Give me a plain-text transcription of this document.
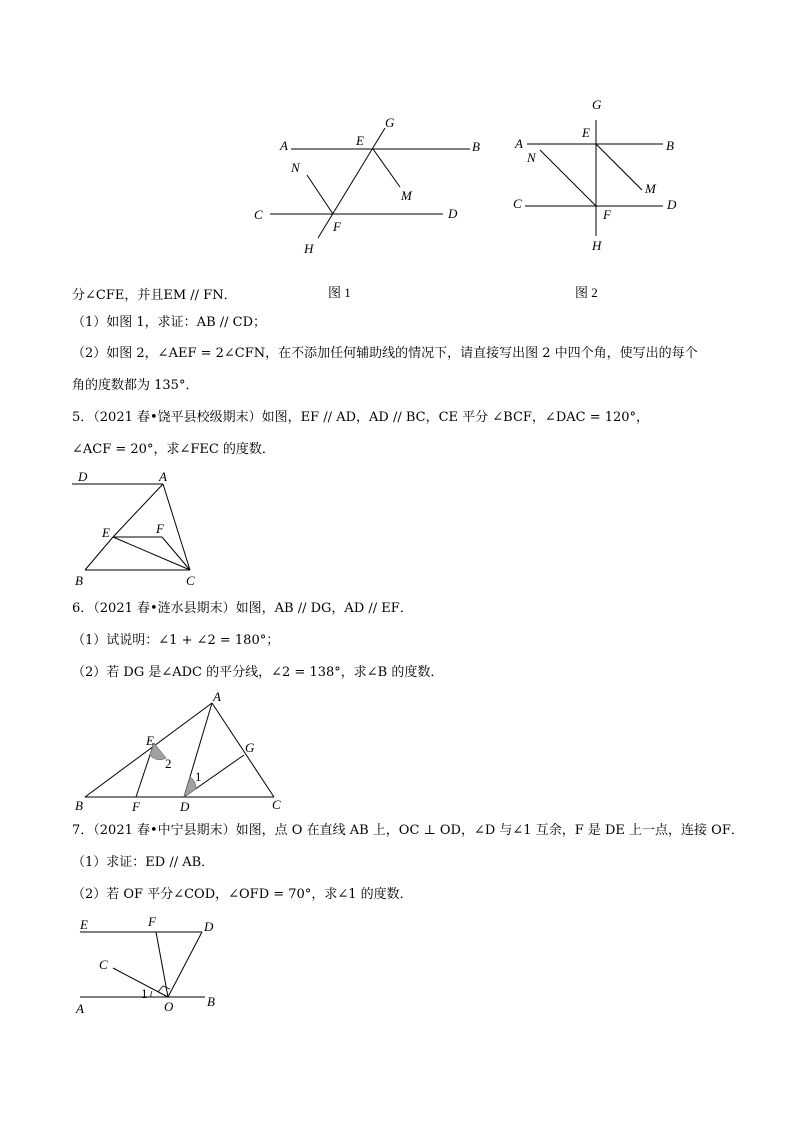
A	B
E
G
N
M
C	D
F
H
图 1
G
E
A	B
N
M
C	D
F
H
图 2
分∠CFE，并且EM // FN．
（1）如图 1，求证：AB // CD；
（2）如图 2，∠AEF = 2∠CFN，在不添加任何辅助线的情况下，请直接写出图 2 中四个角，使写出的每个
角的度数都为 135°．
5．（2021 春•饶平县校级期末）如图，EF // AD，AD // BC，CE 平分 ∠BCF，∠DAC = 120°，
∠ACF = 20°，求∠FEC 的度数．
D	A
E	F
B	C
6．（2021 春•涟水县期末）如图，AB // DG，AD // EF．
（1）试说明：∠1 + ∠2 = 180°；
（2）若 DG 是∠ADC 的平分线，∠2 = 138°，求∠B 的度数．
A
E	G
2
1
B	F	D	C
7．（2021 春•中宁县期末）如图，点 O 在直线 AB 上，OC ⊥ OD，∠D 与∠1 互余，F 是 DE 上一点，连接 OF．
（1）求证：ED // AB．
（2）若 OF 平分∠COD，∠OFD = 70°，求∠1 的度数．
E	F	D
C
1
A	O	B
